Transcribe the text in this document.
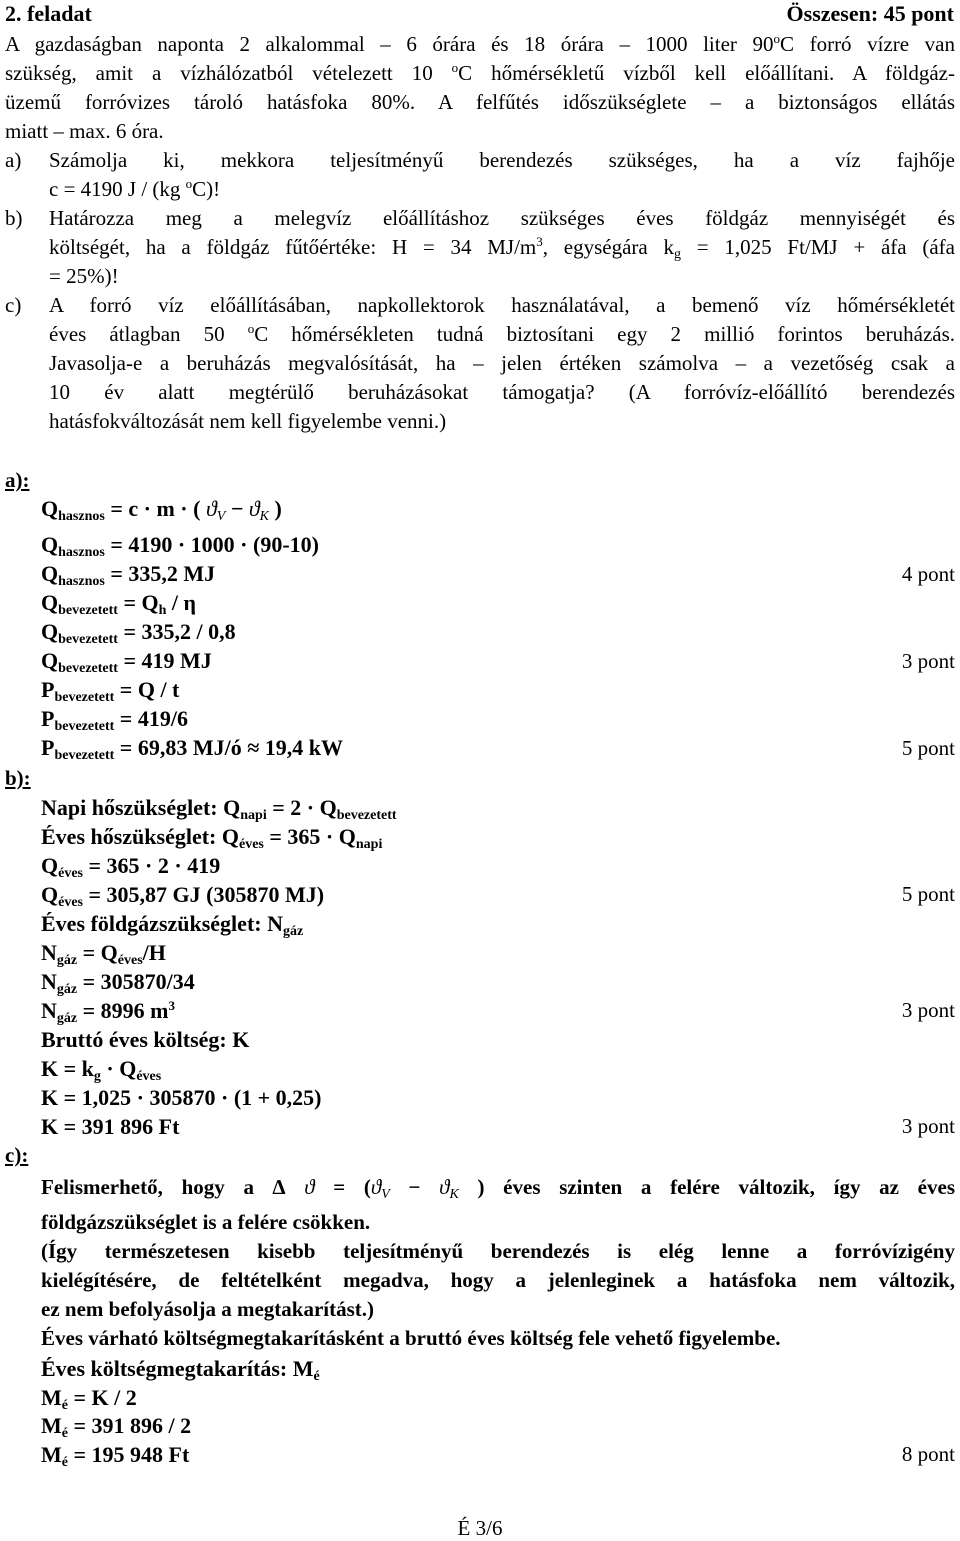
2. feladat	Összesen: 45 pont
A gazdaságban naponta 2 alkalommal – 6 órára és 18 órára – 1000 liter 90$^o$C forró vízre van
szükség, amit a vízhálózatból vételezett 10 $^o$C hőmérsékletű vízből kell előállítani. A földgáz-
üzemű forróvizes tároló hatásfoka 80%. A felfűtés időszükséglete – a biztonságos ellátás
miatt – max. 6 óra.
a) Számolja ki, mekkora teljesítményű berendezés szükséges, ha a víz fajhője
c = 4190 J / (kg $^o$C)!
b) Határozza meg a melegvíz előállításhoz szükséges éves földgáz mennyiségét és
költségét, ha a földgáz fűtőértéke: H = 34 $MJ/m^3$, egységára $k_g = 1,025$ Ft/MJ + áfa (áfa
= 25%)!
c) A forró víz előállításában, napkollektorok használatával, a bemenő víz hőmérsékletét
éves átlagban 50 $^o$C hőmérsékleten tudná biztosítani egy 2 millió forintos beruházás.
Javasolja-e a beruházás megvalósítását, ha – jelen értéken számolva – a vezetőség csak a
10 év alatt megtérülő beruházásokat támogatja? (A forróvíz-előállító berendezés
hatásfokváltozását nem kell figyelembe venni.)
a):
$Q_{hasznos} = c \cdot m$ · ( $ϑ_V - ϑ_K$ )
$Q_{hasznos} = 4190 \cdot 1000 \cdot (90-10)$
$Q_{hasznos} = 335,2$ MJ	4 pont
$Q_{bevezetett} = Q_h / \eta$
$Q_{bevezetett} = 335,2 / 0,8$
$Q_{bevezetett} = 419$ MJ	3 pont
$P_{bevezetett} = Q / t$
$P_{bevezetett} = 419/6$
$P_{bevezetett} = 69,83$ MJ/ó ≈ 19,4 kW	5 pont
b):
Napi hőszükséglet: $Q_{napi} = 2 \cdot Q_{bevezetett}$
Éves hőszükséglet: $Q_{éves} = 365 \cdot Q_{napi}$
$Q_{éves} = 365 \cdot 2 \cdot 419$
$Q_{éves} = 305,87$ GJ (305870 MJ)	5 pont
Éves földgázszükséglet: $N_{gáz}$
$N_{gáz} = Q_{éves}/H$
$N_{gáz} = 305870/34$
$N_{gáz} = 8996$ $m^3$	3 pont
Bruttó éves költség: K
$K = k_g \cdot Q_{éves}$
K = 1,025 · 305870 · (1 + 0,25)
K = 391 896 Ft	3 pont
c):
Felismerhető, hogy a ∆ $ϑ = (ϑ_V - ϑ_K$ ) éves szinten a felére változik, így az éves
földgázszükséglet is a felére csökken.
(Így természetesen kisebb teljesítményű berendezés is elég lenne a forróvízigény
kielégítésére, de feltételként megadva, hogy a jelenleginek a hatásfoka nem változik,
ez nem befolyásolja a megtakarítást.)
Éves várható költségmegtakarításként a bruttó éves költség fele vehető figyelembe.
Éves költségmegtakarítás: $M_é$
$M_é = K / 2$
$M_é = 391$ 896 / 2
$M_é = 195$ 948 Ft	8 pont
É 3/6
